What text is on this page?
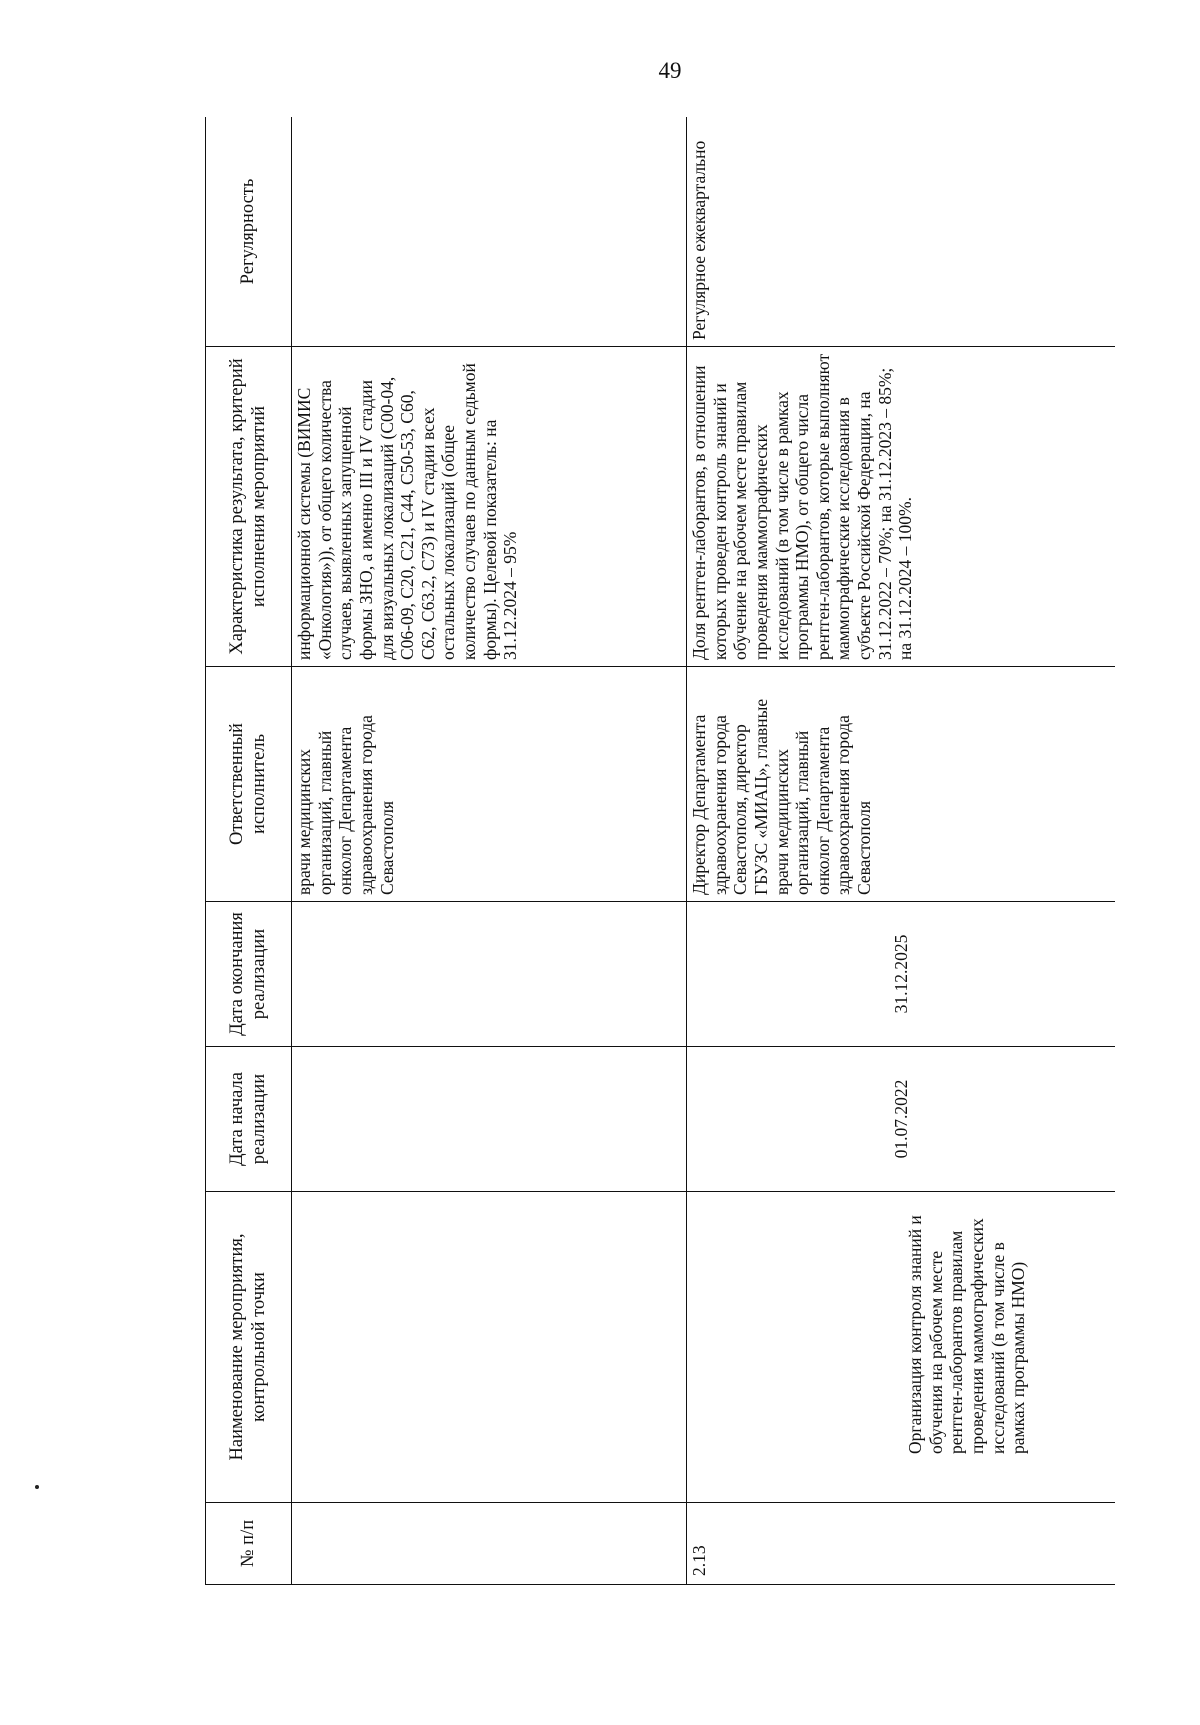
49
№ п/п	Наименование мероприятия, контрольной точки	Дата начала реализации	Дата окончания реализации	Ответственный исполнитель	Характеристика результата, критерий исполнения мероприятий	Регулярность
				врачи медицинских организаций, главный онколог Департамента здравоохранения города Севастополя	информационной системы (ВИМИС «Онкология»)), от общего количества случаев, выявленных запущенной формы ЗНО, а именно III и IV стадии для визуальных локализаций (С00-04, С06-09, С20, С21, С44, С50-53, С60, С62, С63.2, С73) и IV стадии всех остальных локализаций (общее количество случаев по данным седьмой формы). Целевой показатель: на 31.12.2024 – 95%	
2.13	Организация контроля знаний и обучения на рабочем месте рентген-лаборантов правилам проведения маммографических исследований (в том числе в рамках программы НМО)	01.07.2022	31.12.2025	Директор Департамента здравоохранения города Севастополя, директор ГБУЗС «МИАЦ», главные врачи медицинских организаций, главный онколог Департамента здравоохранения города Севастополя	Доля рентген-лаборантов, в отношении которых проведен контроль знаний и обучение на рабочем месте правилам проведения маммографических исследований (в том числе в рамках программы НМО), от общего числа рентген-лаборантов, которые выполняют маммографические исследования в субъекте Российской Федерации, на 31.12.2022 – 70%; на 31.12.2023 – 85%; на 31.12.2024 – 100%.	Регулярное ежеквартально
